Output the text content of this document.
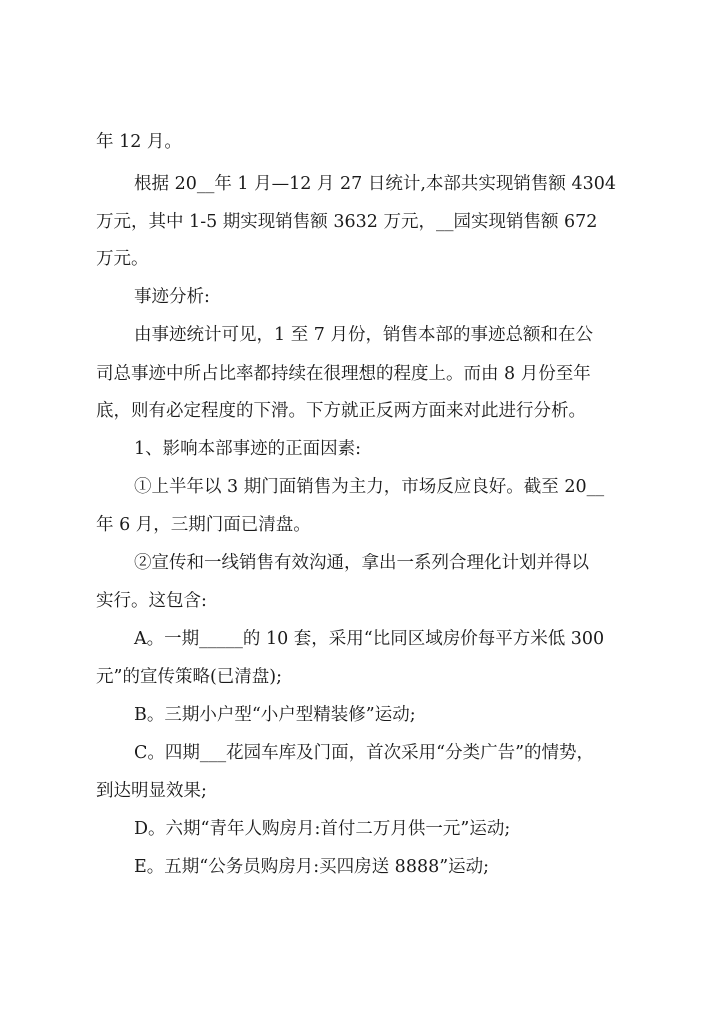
年 12 月。
根据 20__年 1 月—12 月 27 日统计,本部共实现销售额 4304
万元，其中 1-5 期实现销售额 3632 万元，__园实现销售额 672
万元。
事迹分析:
由事迹统计可见，1 至 7 月份，销售本部的事迹总额和在公
司总事迹中所占比率都持续在很理想的程度上。而由 8 月份至年
底，则有必定程度的下滑。下方就正反两方面来对此进行分析。
1、影响本部事迹的正面因素:
①上半年以 3 期门面销售为主力，市场反应良好。截至 20__
年 6 月，三期门面已清盘。
②宣传和一线销售有效沟通，拿出一系列合理化计划并得以
实行。这包含:
A。一期_____的 10 套，采用“比同区域房价每平方米低 300
元”的宣传策略(已清盘);
B。三期小户型“小户型精装修”运动;
C。四期___花园车库及门面，首次采用“分类广告”的情势，
到达明显效果;
D。六期“青年人购房月:首付二万月供一元”运动;
E。五期“公务员购房月:买四房送 8888”运动;
